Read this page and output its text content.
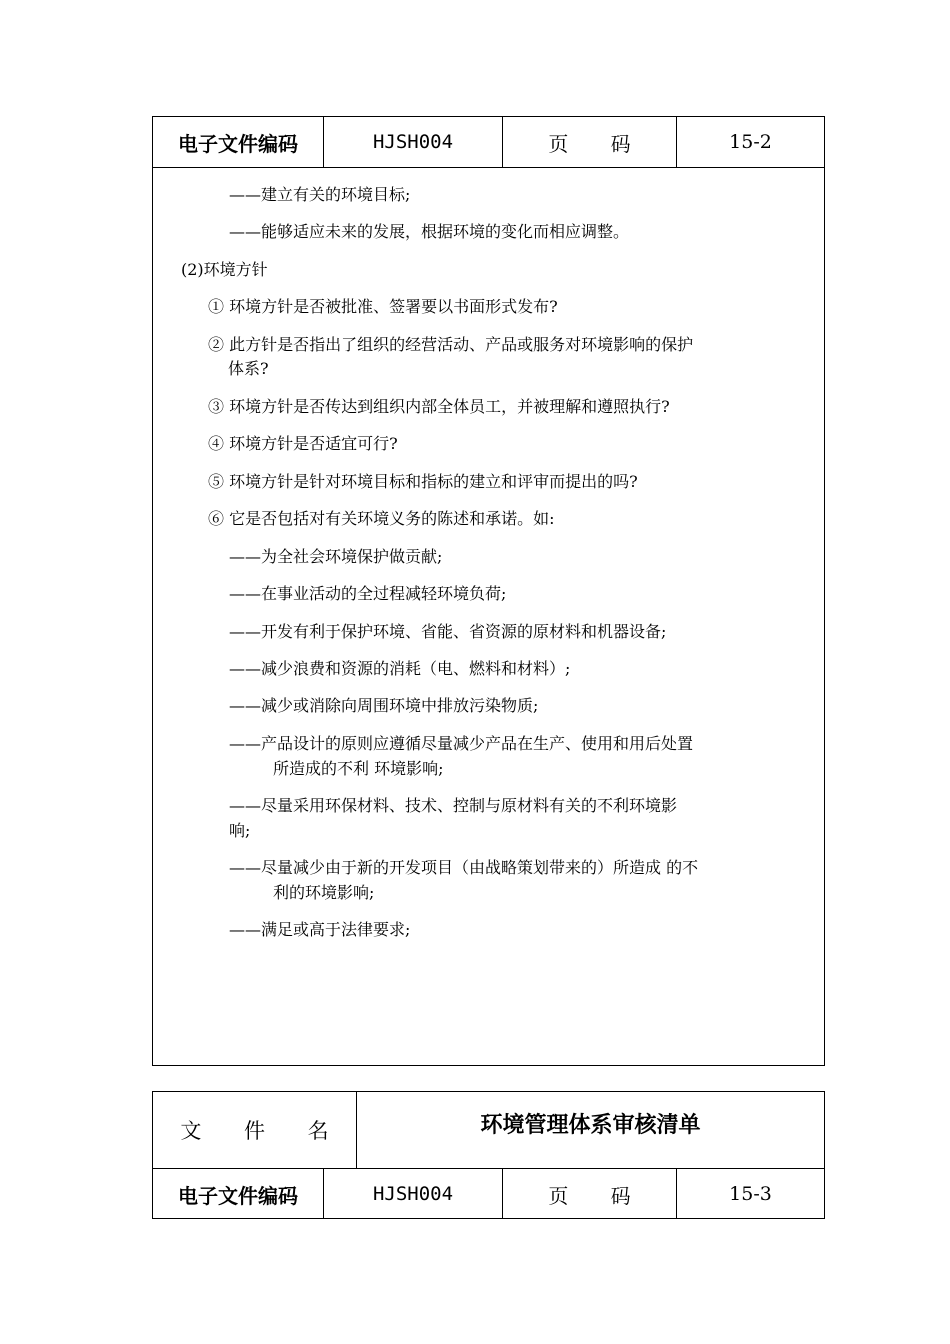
电子文件编码	HJSH004	页 码	15-2
——建立有关的环境目标;
——能够适应未来的发展，根据环境的变化而相应调整。
(2)环境方针
① 环境方针是否被批准、签署要以书面形式发布?
② 此方针是否指出了组织的经营活动、产品或服务对环境影响的保护
体系?
③ 环境方针是否传达到组织内部全体员工，并被理解和遵照执行?
④ 环境方针是否适宜可行?
⑤ 环境方针是针对环境目标和指标的建立和评审而提出的吗?
⑥ 它是否包括对有关环境义务的陈述和承诺。如:
——为全社会环境保护做贡献;
——在事业活动的全过程减轻环境负荷;
——开发有利于保护环境、省能、省资源的原材料和机器设备;
——减少浪费和资源的消耗（电、燃料和材料）;
——减少或消除向周围环境中排放污染物质;
——产品设计的原则应遵循尽量减少产品在生产、使用和用后处置
所造成的不利 环境影响;
——尽量采用环保材料、技术、控制与原材料有关的不利环境影
响;
——尽量减少由于新的开发项目（由战略策划带来的）所造成 的不
利的环境影响;
——满足或高于法律要求;
文 件 名	环境管理体系审核清单
电子文件编码	HJSH004	页 码	15-3
